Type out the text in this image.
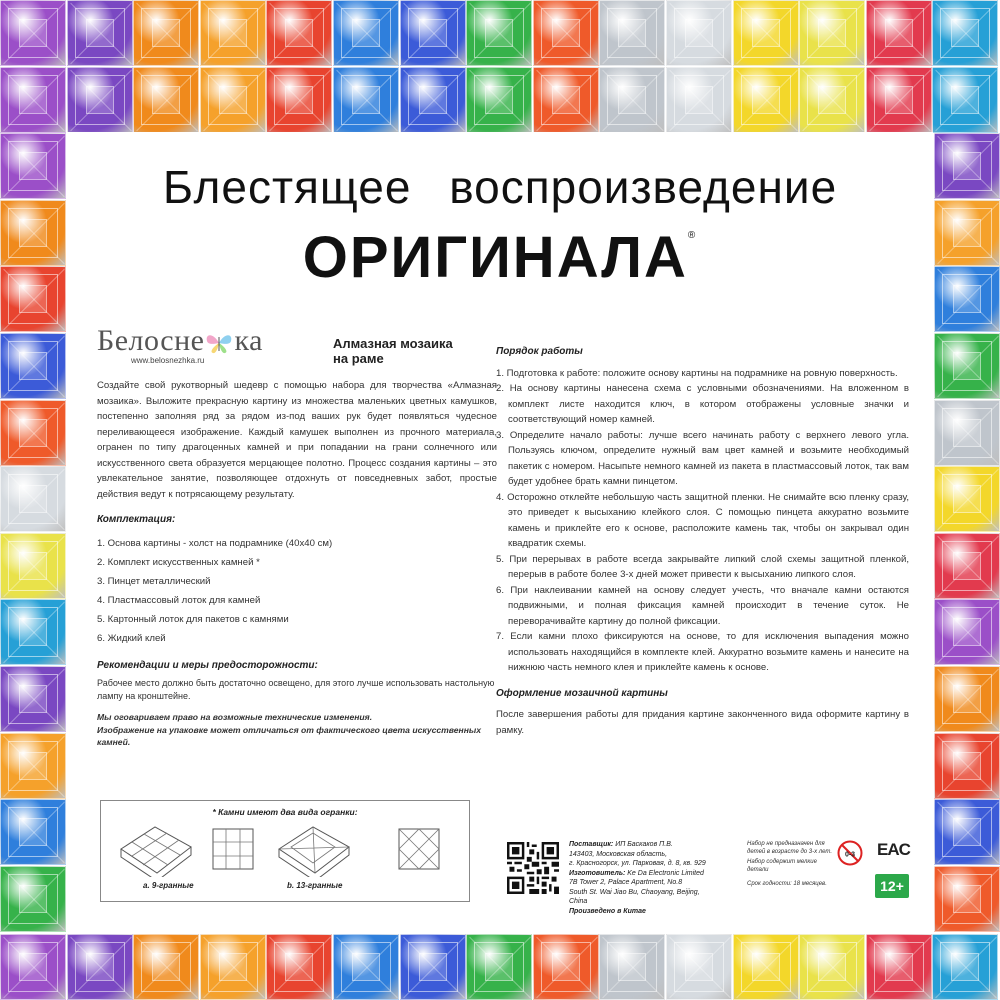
Блестящее воспроизведение
ОРИГИНАЛА®
Белосне ка
www.belosnezhka.ru
Алмазная мозаика
на раме

Создайте свой рукотворный шедевр с помощью набора для творчества «Алмазная мозаика». Выложите прекрасную картину из множества маленьких цветных камушков, постепенно заполняя ряд за рядом из-под ваших рук будет появляться чудесное переливающееся изображение. Каждый камушек выполнен из прочного материала, огранен по типу драгоценных камней и при попадании на грани солнечного или искусственного света образуется мерцающее полотно. Процесс создания картины – это увлекательное занятие, позволяющее отдохнуть от повседневных забот, простые действия ведут к потрясающему результату.

Комплектация:
1. Основа картины - холст на подрамнике (40х40 см)
2. Комплект искусственных камней *
3. Пинцет металлический
4. Пластмассовый лоток для камней
5. Картонный лоток для пакетов с камнями
6. Жидкий клей
Рекомендации и меры предосторожности:

Рабочее место должно быть достаточно освещено, для этого лучше использовать настольную лампу на кронштейне.

Мы оговариваем право на возможные технические изменения.

Изображение на упаковке может отличаться от фактического цвета искусственных камней.

* Камни имеют два вида огранки:
a. 9-гранные	b. 13-гранные
Порядок работы
1. Подготовка к работе: положите основу картины на подрамнике на ровную поверхность.
2. На основу картины нанесена схема с условными обозначениями. На вложенном в комплект листе находится ключ, в котором отображены условные значки и соответствующий номер камней.
3. Определите начало работы: лучше всего начинать работу с верхнего левого угла. Пользуясь ключом, определите нужный вам цвет камней и возьмите необходимый пакетик с номером. Насыпьте немного камней из пакета в пластмассовый лоток, так вам будет удобнее брать камни пинцетом.
4. Осторожно отклейте небольшую часть защитной пленки. Не снимайте всю пленку сразу, это приведет к высыханию клейкого слоя. С помощью пинцета аккуратно возьмите камень и приклейте его к основе, расположите камень так, чтобы он закрывал один квадратик схемы.
5. При перерывах в работе всегда закрывайте липкий слой схемы защитной пленкой, перерыв в работе более 3-х дней может привести к высыханию липкого слоя.
6. При наклеивании камней на основу следует учесть, что вначале камни остаются подвижными, и полная фиксация камней происходит в течение суток. Не переворачивайте картину до полной фиксации.
7. Если камни плохо фиксируются на основе, то для исключения выпадения можно использовать находящийся в комплекте клей. Аккуратно возьмите камень и нанесите на нижнюю часть немного клея и приклейте камень к основе.
Оформление мозаичной картины

После завершения работы для придания картине законченного вида оформите картину в рамку.

Поставщик: ИП Баскаков П.В.
143403, Московская область,
г. Красногорск, ул. Парковая, д. 8, кв. 929
Изготовитель: Ke Da Electronic Limited
7B Tower 2, Palace Apartment, No.8
South St. Wai Jiao Bu, Chaoyang, Beijing, China
Произведено в Китае
Набор не предназначен для детей в возрасте до 3-х лет.
Набор содержит мелкие детали
Срок годности: 18 месяцев.
0-3 EAC
12+
